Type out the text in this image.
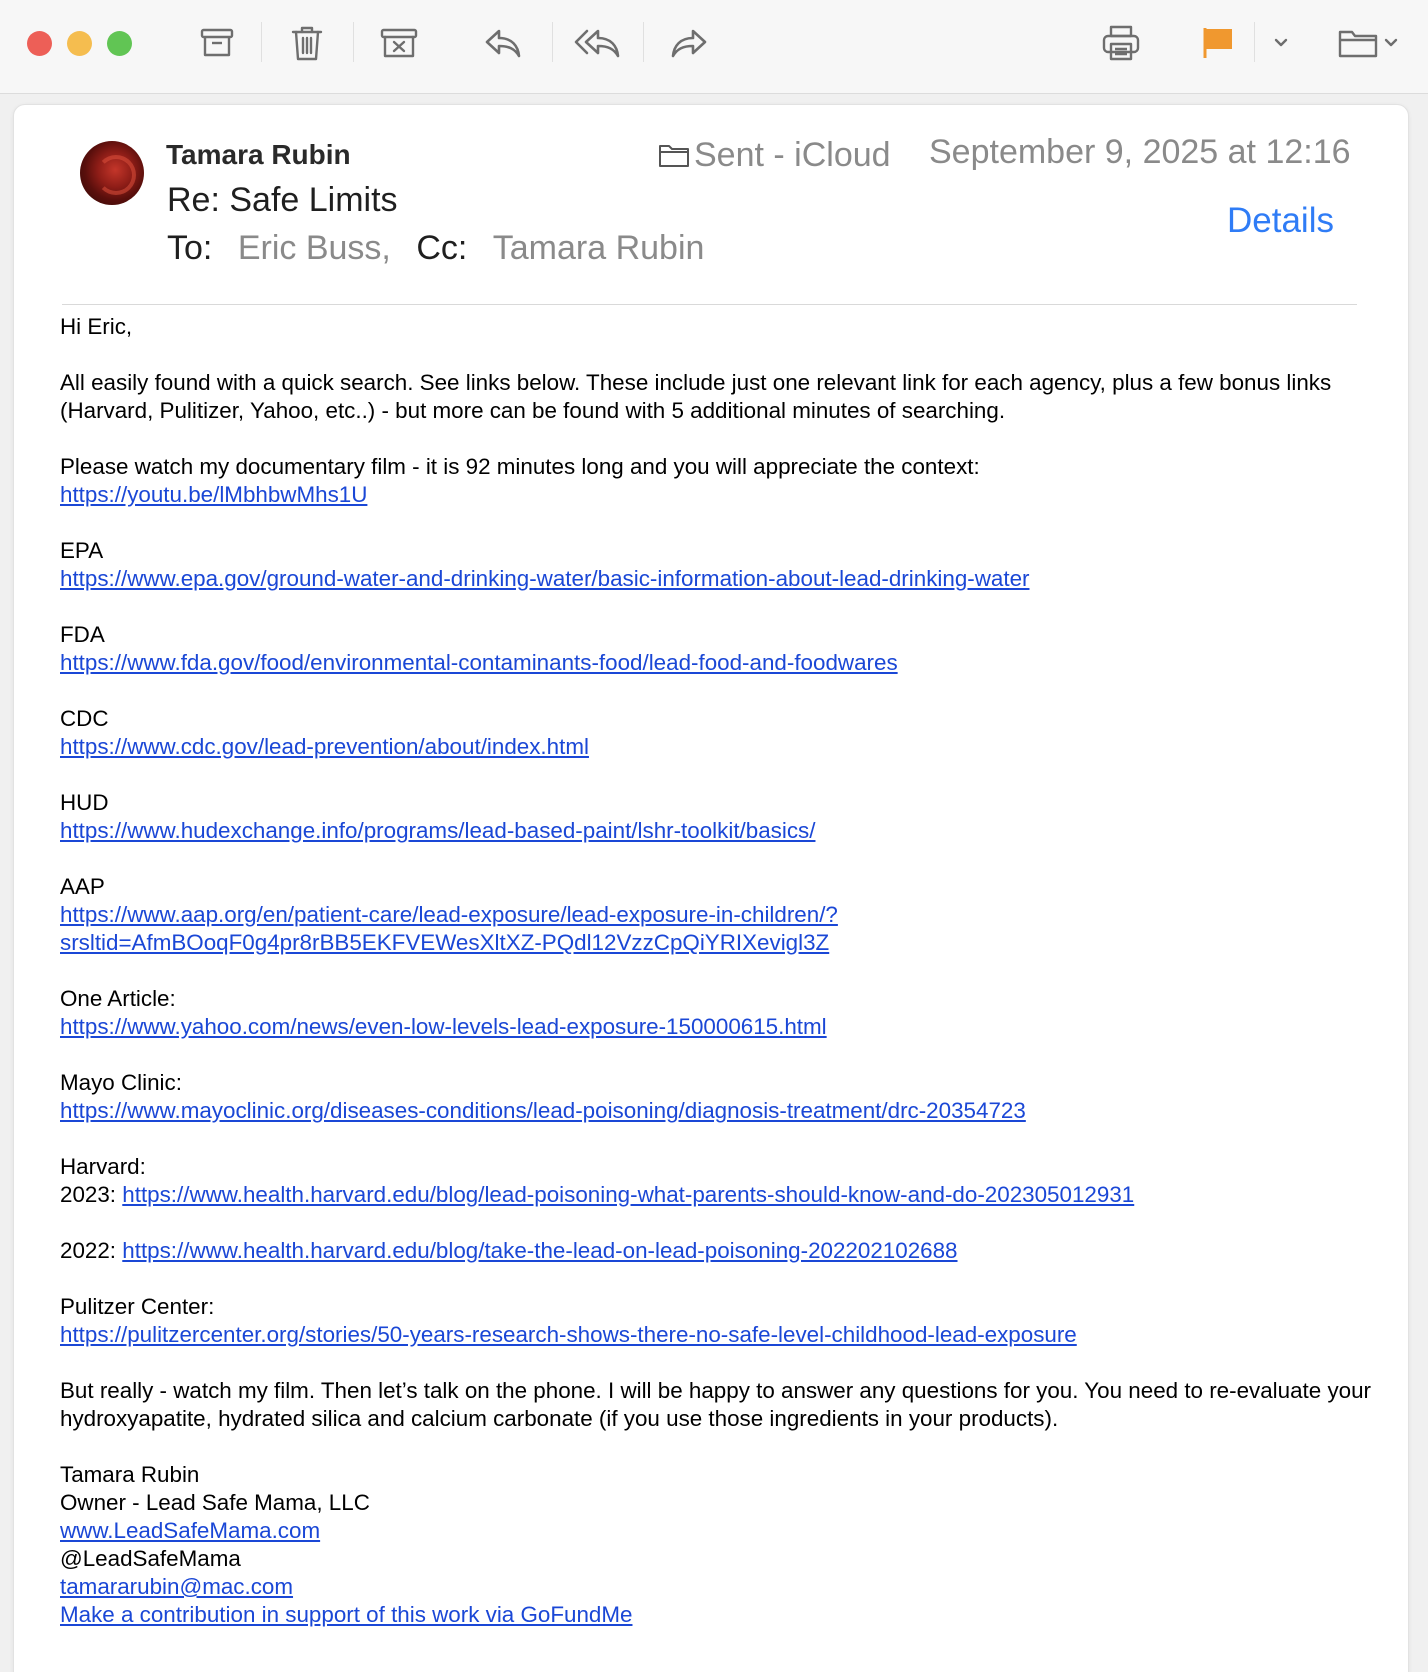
Tamara Rubin
Re: Safe Limits
To: Eric Buss, Cc: Tamara Rubin
Sent - iCloud September 9, 2025 at 12:16
Details

Hi Eric,

All easily found with a quick search. See links below. These include just one relevant link for each agency, plus a few bonus links (Harvard, Pulitizer, Yahoo, etc..) - but more can be found with 5 additional minutes of searching.

Please watch my documentary film - it is 92 minutes long and you will appreciate the context:
https://youtu.be/lMbhbwMhs1U

EPA
https://www.epa.gov/ground-water-and-drinking-water/basic-information-about-lead-drinking-water

FDA
https://www.fda.gov/food/environmental-contaminants-food/lead-food-and-foodwares

CDC
https://www.cdc.gov/lead-prevention/about/index.html

HUD
https://www.hudexchange.info/programs/lead-based-paint/lshr-toolkit/basics/

AAP
https://www.aap.org/en/patient-care/lead-exposure/lead-exposure-in-children/?
srsltid=AfmBOoqF0g4pr8rBB5EKFVEWesXltXZ-PQdl12VzzCpQiYRIXevigl3Z

One Article:
https://www.yahoo.com/news/even-low-levels-lead-exposure-150000615.html

Mayo Clinic:
https://www.mayoclinic.org/diseases-conditions/lead-poisoning/diagnosis-treatment/drc-20354723

Harvard:
2023: https://www.health.harvard.edu/blog/lead-poisoning-what-parents-should-know-and-do-202305012931

2022: https://www.health.harvard.edu/blog/take-the-lead-on-lead-poisoning-202202102688

Pulitzer Center:
https://pulitzercenter.org/stories/50-years-research-shows-there-no-safe-level-childhood-lead-exposure

But really - watch my film. Then let’s talk on the phone. I will be happy to answer any questions for you. You need to re-evaluate your hydroxyapatite, hydrated silica and calcium carbonate (if you use those ingredients in your products).

Tamara Rubin
Owner - Lead Safe Mama, LLC
www.LeadSafeMama.com
@LeadSafeMama
tamararubin@mac.com
Make a contribution in support of this work via GoFundMe
